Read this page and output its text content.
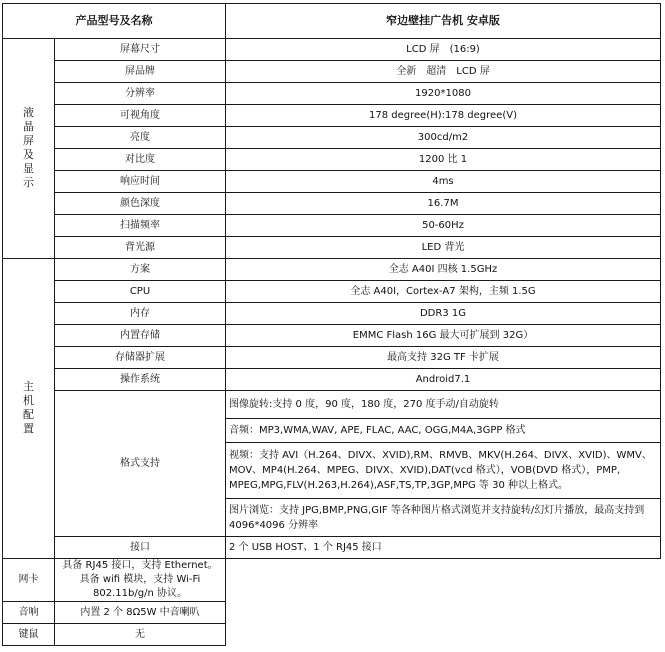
产品型号及名称		窄边壁挂广告机 安卓版
液晶屏及显示	屏幕尺寸	LCD 屏　(16:9)
	屏品牌	全新　超清　LCD 屏
	分辨率	1920*1080
	可视角度	178 degree(H):178 degree(V)
	亮度	300cd/m2
	对比度	1200 比 1
	响应时间	4ms
	颜色深度	16.7M
	扫描频率	50-60Hz
	背光源	LED 背光
主机配置	方案	全志 A40I 四核 1.5GHz
	CPU	全志 A40I，Cortex-A7 架构，主频 1.5G
	内存	DDR3 1G
	内置存储	EMMC Flash 16G 最大可扩展到 32G）
	存储器扩展	最高支持 32G TF 卡扩展
	操作系统	Android7.1
	格式支持	图像旋转:支持 0 度，90 度，180 度，270 度手动/自动旋转
		音频：MP3,WMA,WAV, APE, FLAC, AAC, OGG,M4A,3GPP 格式
		视频：支持 AVI（H.264、DIVX、XVID),RM、RMVB、MKV(H.264、DIVX、XVID)、WMV、MOV、MP4(H.264、MPEG、DIVX、XVID),DAT(vcd 格式），VOB(DVD 格式），PMP, MPEG,MPG,FLV(H.263,H.264),ASF,TS,TP,3GP,MPG 等 30 种以上格式。
		图片浏览：支持 JPG,BMP,PNG,GIF 等各种图片格式浏览并支持旋转/幻灯片播放，最高支持到 4096*4096 分辨率
	接口	2 个 USB HOST、1 个 RJ45 接口
网卡	具备 RJ45 接口，支持 Ethernet。具备 wifi 模块，支持 Wi-Fi 802.11b/g/n 协议。	
音响	内置 2 个 8Ω5W 中音喇叭	
键鼠	无	
